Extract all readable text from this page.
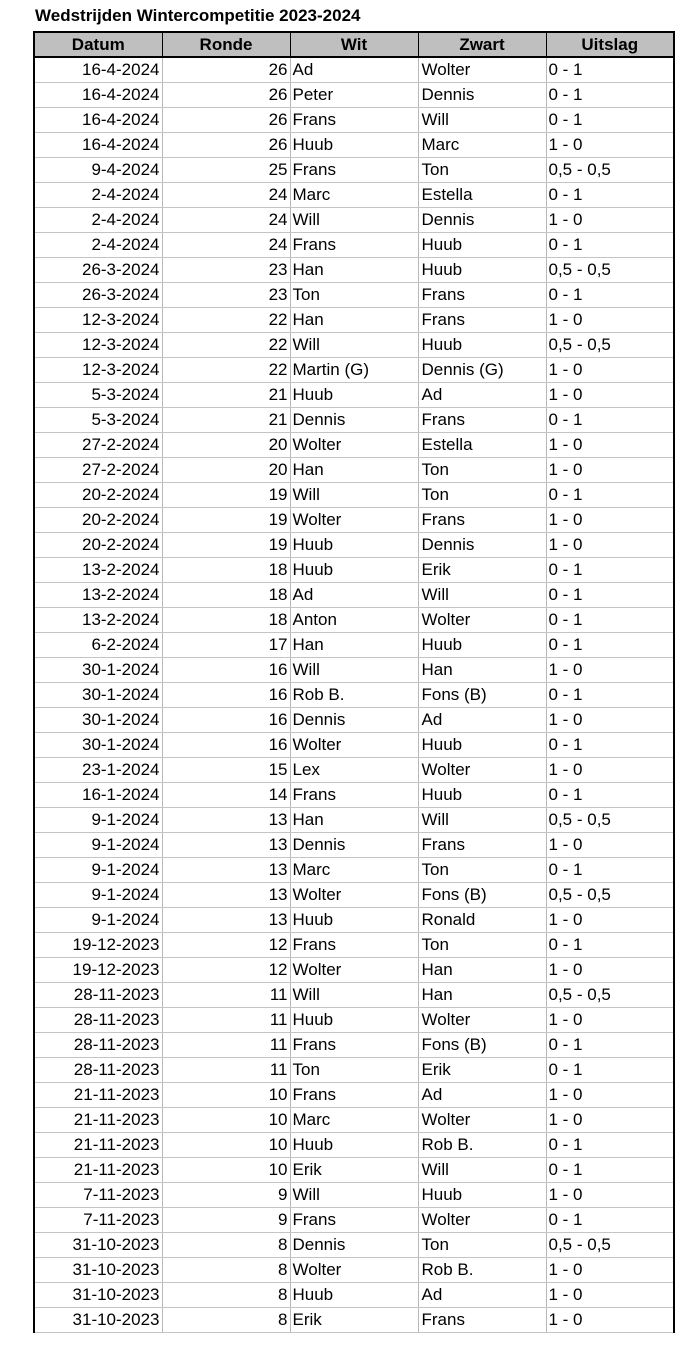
Wedstrijden Wintercompetitie 2023-2024
Datum	Ronde	Wit	Zwart	Uitslag
16-4-2024	26	Ad	Wolter	0 - 1
16-4-2024	26	Peter	Dennis	0 - 1
16-4-2024	26	Frans	Will	0 - 1
16-4-2024	26	Huub	Marc	1 - 0
9-4-2024	25	Frans	Ton	0,5 - 0,5
2-4-2024	24	Marc	Estella	0 - 1
2-4-2024	24	Will	Dennis	1 - 0
2-4-2024	24	Frans	Huub	0 - 1
26-3-2024	23	Han	Huub	0,5 - 0,5
26-3-2024	23	Ton	Frans	0 - 1
12-3-2024	22	Han	Frans	1 - 0
12-3-2024	22	Will	Huub	0,5 - 0,5
12-3-2024	22	Martin (G)	Dennis (G)	1 - 0
5-3-2024	21	Huub	Ad	1 - 0
5-3-2024	21	Dennis	Frans	0 - 1
27-2-2024	20	Wolter	Estella	1 - 0
27-2-2024	20	Han	Ton	1 - 0
20-2-2024	19	Will	Ton	0 - 1
20-2-2024	19	Wolter	Frans	1 - 0
20-2-2024	19	Huub	Dennis	1 - 0
13-2-2024	18	Huub	Erik	0 - 1
13-2-2024	18	Ad	Will	0 - 1
13-2-2024	18	Anton	Wolter	0 - 1
6-2-2024	17	Han	Huub	0 - 1
30-1-2024	16	Will	Han	1 - 0
30-1-2024	16	Rob B.	Fons (B)	0 - 1
30-1-2024	16	Dennis	Ad	1 - 0
30-1-2024	16	Wolter	Huub	0 - 1
23-1-2024	15	Lex	Wolter	1 - 0
16-1-2024	14	Frans	Huub	0 - 1
9-1-2024	13	Han	Will	0,5 - 0,5
9-1-2024	13	Dennis	Frans	1 - 0
9-1-2024	13	Marc	Ton	0 - 1
9-1-2024	13	Wolter	Fons (B)	0,5 - 0,5
9-1-2024	13	Huub	Ronald	1 - 0
19-12-2023	12	Frans	Ton	0 - 1
19-12-2023	12	Wolter	Han	1 - 0
28-11-2023	11	Will	Han	0,5 - 0,5
28-11-2023	11	Huub	Wolter	1 - 0
28-11-2023	11	Frans	Fons (B)	0 - 1
28-11-2023	11	Ton	Erik	0 - 1
21-11-2023	10	Frans	Ad	1 - 0
21-11-2023	10	Marc	Wolter	1 - 0
21-11-2023	10	Huub	Rob B.	0 - 1
21-11-2023	10	Erik	Will	0 - 1
7-11-2023	9	Will	Huub	1 - 0
7-11-2023	9	Frans	Wolter	0 - 1
31-10-2023	8	Dennis	Ton	0,5 - 0,5
31-10-2023	8	Wolter	Rob B.	1 - 0
31-10-2023	8	Huub	Ad	1 - 0
31-10-2023	8	Erik	Frans	1 - 0
